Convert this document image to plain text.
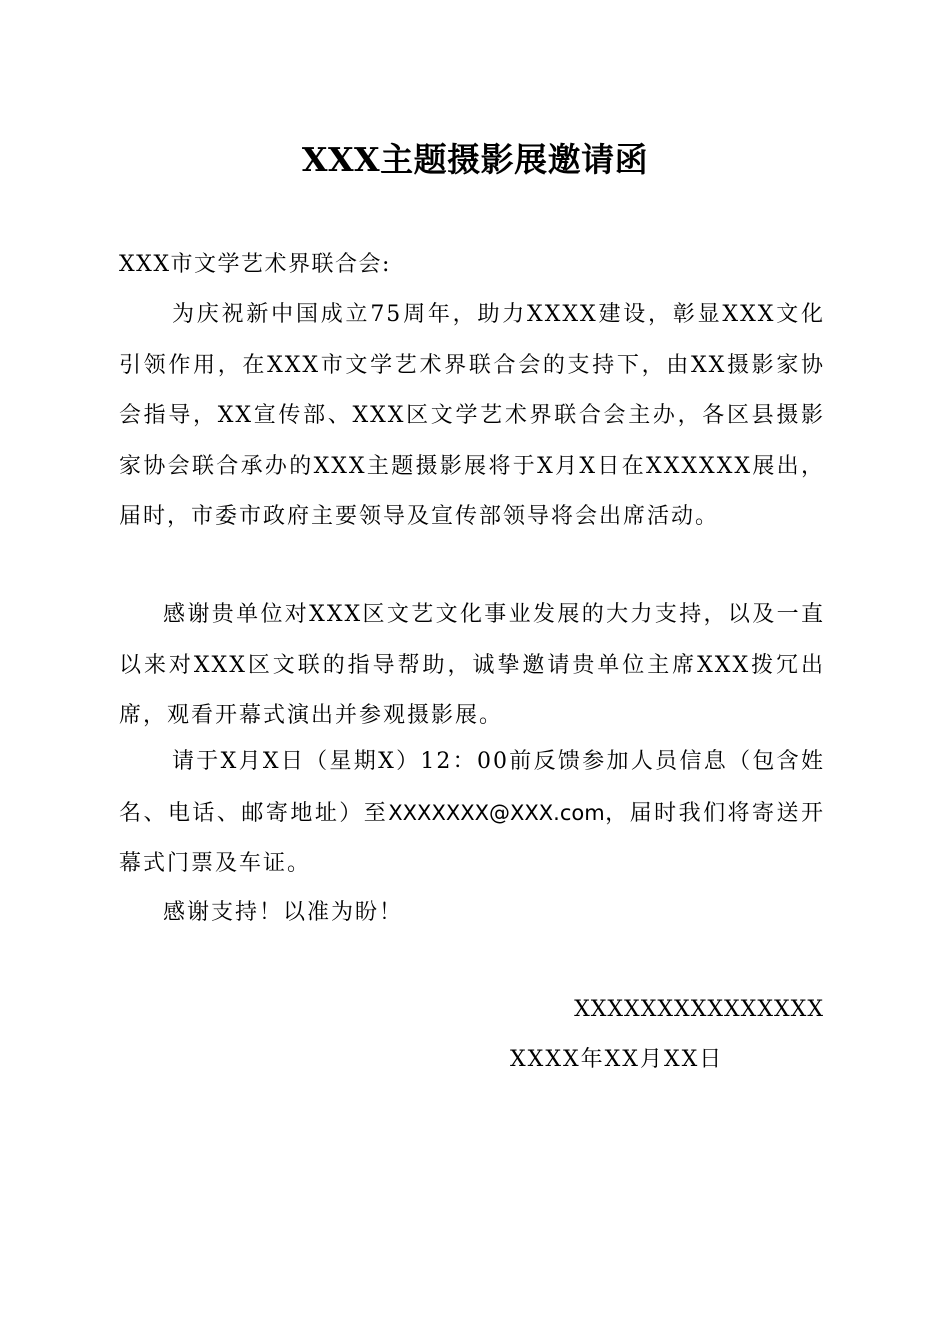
XXX主题摄影展邀请函
XXX市文学艺术界联合会:
为庆祝新中国成立75周年，助力XXXX建设，彰显XXX文化引领作用，在XXX市文学艺术界联合会的支持下，由XX摄影家协会指导，XX宣传部、XXX区文学艺术界联合会主办，各区县摄影家协会联合承办的XXX主题摄影展将于X月X日在XXXXXX展出，届时，市委市政府主要领导及宣传部领导将会出席活动。
感谢贵单位对XXX区文艺文化事业发展的大力支持，以及一直以来对XXX区文联的指导帮助，诚挚邀请贵单位主席XXX拨冗出席，观看开幕式演出并参观摄影展。
请于X月X日（星期X）12：00前反馈参加人员信息（包含姓名、电话、邮寄地址）至XXXXXXX@XXX.com，届时我们将寄送开幕式门票及车证。
感谢支持！以准为盼！
XXXXXXXXXXXXXXX
XXXX年XX月XX日
